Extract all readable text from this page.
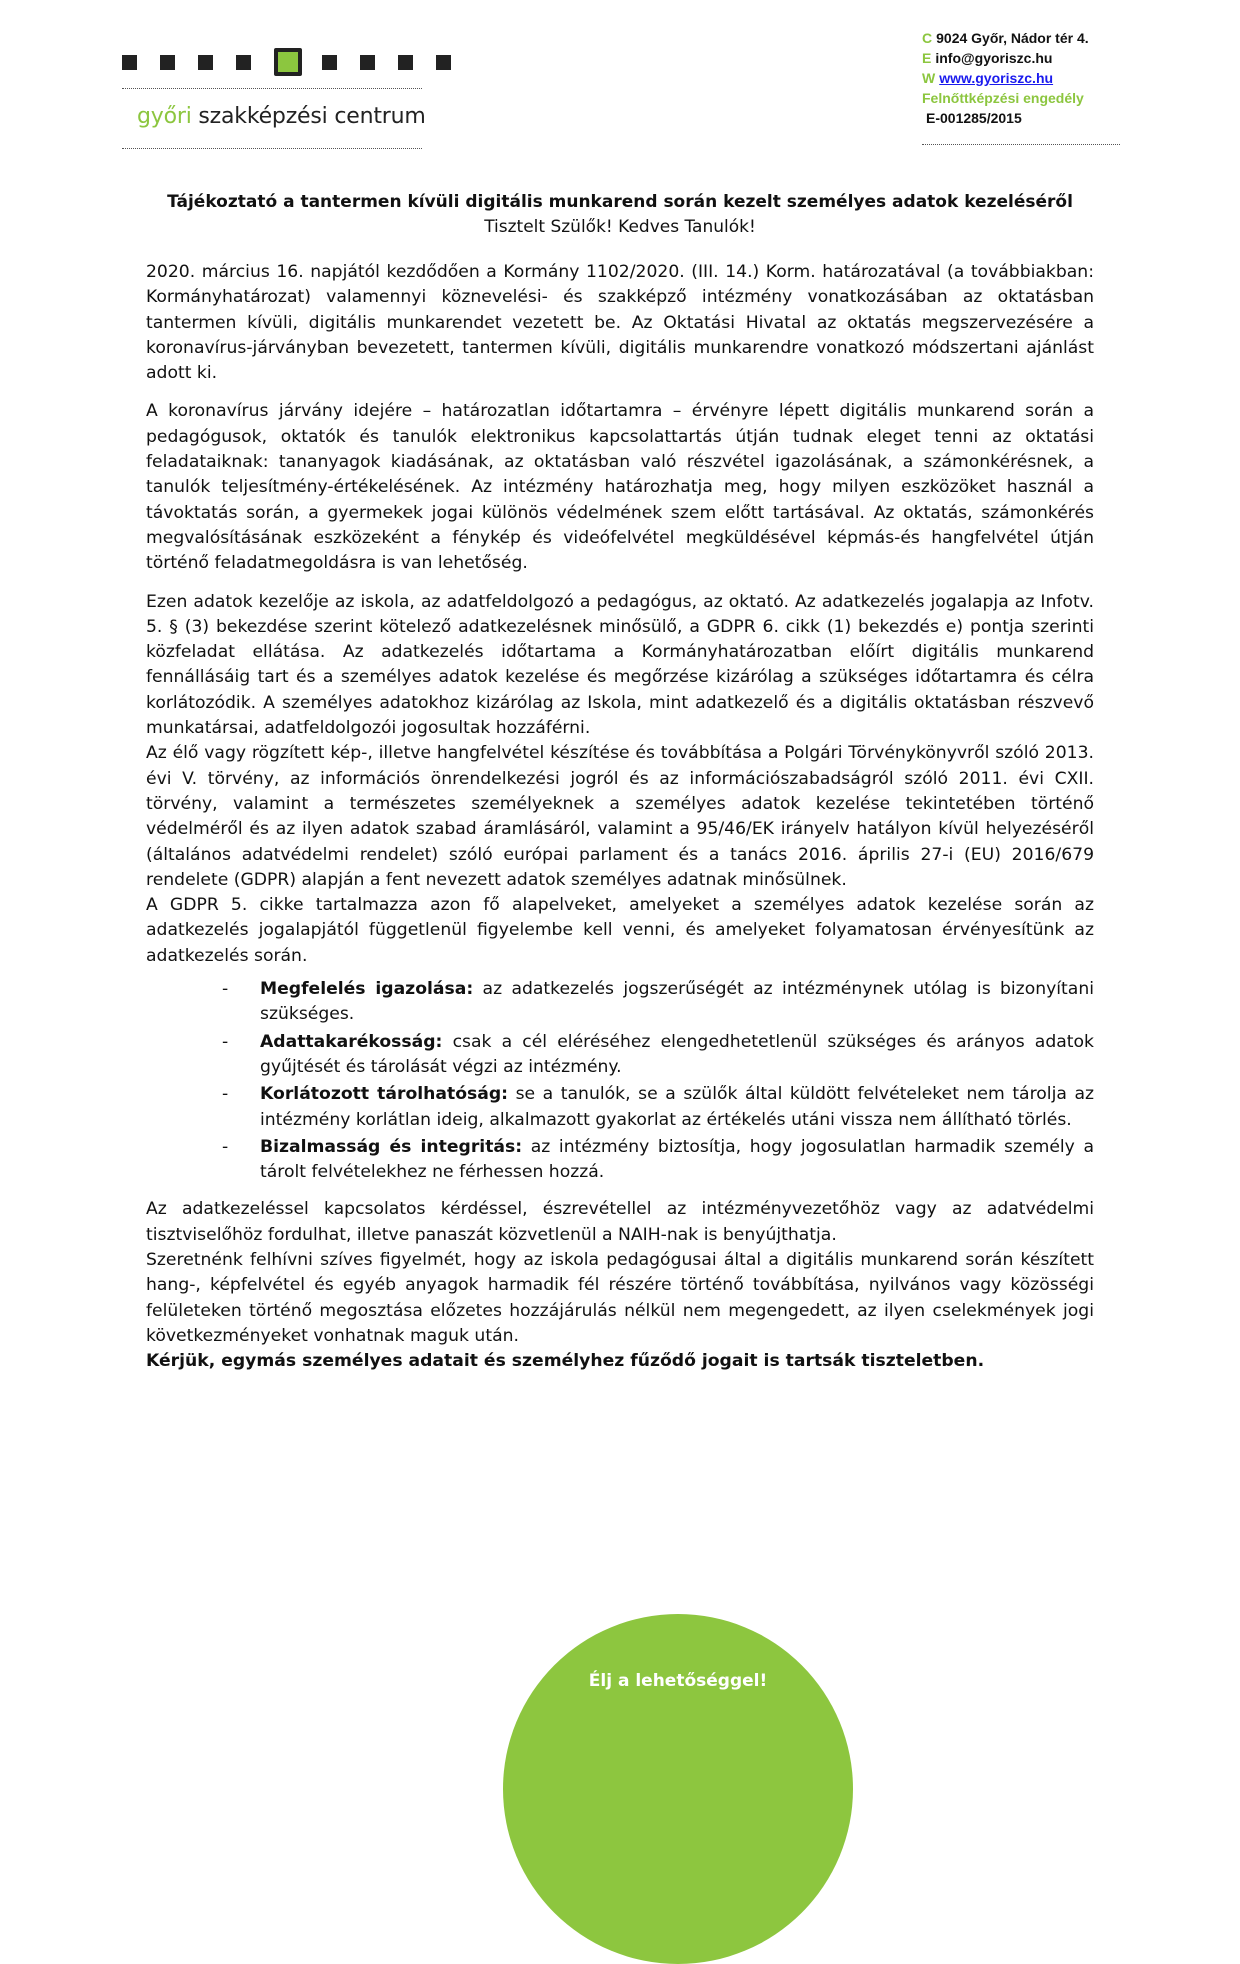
győri szakképzési centrum
C 9024 Győr, Nádor tér 4.
E info@gyoriszc.hu
W www.gyoriszc.hu
Felnőttképzési engedély
E-001285/2015
Tájékoztató a tantermen kívüli digitális munkarend során kezelt személyes adatok kezeléséről
Tisztelt Szülők! Kedves Tanulók!

2020. március 16. napjától kezdődően a Kormány 1102/2020. (III. 14.) Korm. határozatával (a továbbiakban: Kormányhatározat) valamennyi köznevelési- és szakképző intézmény vonatkozásában az oktatásban tantermen kívüli, digitális munkarendet vezetett be. Az Oktatási Hivatal az oktatás megszervezésére a koronavírus-járványban bevezetett, tantermen kívüli, digitális munkarendre vonatkozó módszertani ajánlást adott ki.

A koronavírus járvány idejére – határozatlan időtartamra – érvényre lépett digitális munkarend során a pedagógusok, oktatók és tanulók elektronikus kapcsolattartás útján tudnak eleget tenni az oktatási feladataiknak: tananyagok kiadásának, az oktatásban való részvétel igazolásának, a számonkérésnek, a tanulók teljesítmény-értékelésének. Az intézmény határozhatja meg, hogy milyen eszközöket használ a távoktatás során, a gyermekek jogai különös védelmének szem előtt tartásával. Az oktatás, számonkérés megvalósításának eszközeként a fénykép és videófelvétel megküldésével képmás-és hangfelvétel útján történő feladatmegoldásra is van lehetőség.

Ezen adatok kezelője az iskola, az adatfeldolgozó a pedagógus, az oktató. Az adatkezelés jogalapja az Infotv. 5. § (3) bekezdése szerint kötelező adatkezelésnek minősülő, a GDPR 6. cikk (1) bekezdés e) pontja szerinti közfeladat ellátása. Az adatkezelés időtartama a Kormányhatározatban előírt digitális munkarend fennállásáig tart és a személyes adatok kezelése és megőrzése kizárólag a szükséges időtartamra és célra korlátozódik. A személyes adatokhoz kizárólag az Iskola, mint adatkezelő és a digitális oktatásban részvevő munkatársai, adatfeldolgozói jogosultak hozzáférni.

Az élő vagy rögzített kép-, illetve hangfelvétel készítése és továbbítása a Polgári Törvénykönyvről szóló 2013. évi V. törvény, az információs önrendelkezési jogról és az információszabadságról szóló 2011. évi CXII. törvény, valamint a természetes személyeknek a személyes adatok kezelése tekintetében történő védelméről és az ilyen adatok szabad áramlásáról, valamint a 95/46/EK irányelv hatályon kívül helyezéséről (általános adatvédelmi rendelet) szóló európai parlament és a tanács 2016. április 27-i (EU) 2016/679 rendelete (GDPR) alapján a fent nevezett adatok személyes adatnak minősülnek.

A GDPR 5. cikke tartalmazza azon fő alapelveket, amelyeket a személyes adatok kezelése során az adatkezelés jogalapjától függetlenül figyelembe kell venni, és amelyeket folyamatosan érvényesítünk az adatkezelés során.

- Megfelelés igazolása: az adatkezelés jogszerűségét az intézménynek utólag is bizonyítani szükséges.
- Adattakarékosság: csak a cél eléréséhez elengedhetetlenül szükséges és arányos adatok gyűjtését és tárolását végzi az intézmény.
- Korlátozott tárolhatóság: se a tanulók, se a szülők által küldött felvételeket nem tárolja az intézmény korlátlan ideig, alkalmazott gyakorlat az értékelés utáni vissza nem állítható törlés.
- Bizalmasság és integritás: az intézmény biztosítja, hogy jogosulatlan harmadik személy a tárolt felvételekhez ne férhessen hozzá.

Az adatkezeléssel kapcsolatos kérdéssel, észrevétellel az intézményvezetőhöz vagy az adatvédelmi tisztviselőhöz fordulhat, illetve panaszát közvetlenül a NAIH-nak is benyújthatja.

Szeretnénk felhívni szíves figyelmét, hogy az iskola pedagógusai által a digitális munkarend során készített hang-, képfelvétel és egyéb anyagok harmadik fél részére történő továbbítása, nyilvános vagy közösségi felületeken történő megosztása előzetes hozzájárulás nélkül nem megengedett, az ilyen cselekmények jogi következményeket vonhatnak maguk után.

Kérjük, egymás személyes adatait és személyhez fűződő jogait is tartsák tiszteletben.

Élj a lehetőséggel!
